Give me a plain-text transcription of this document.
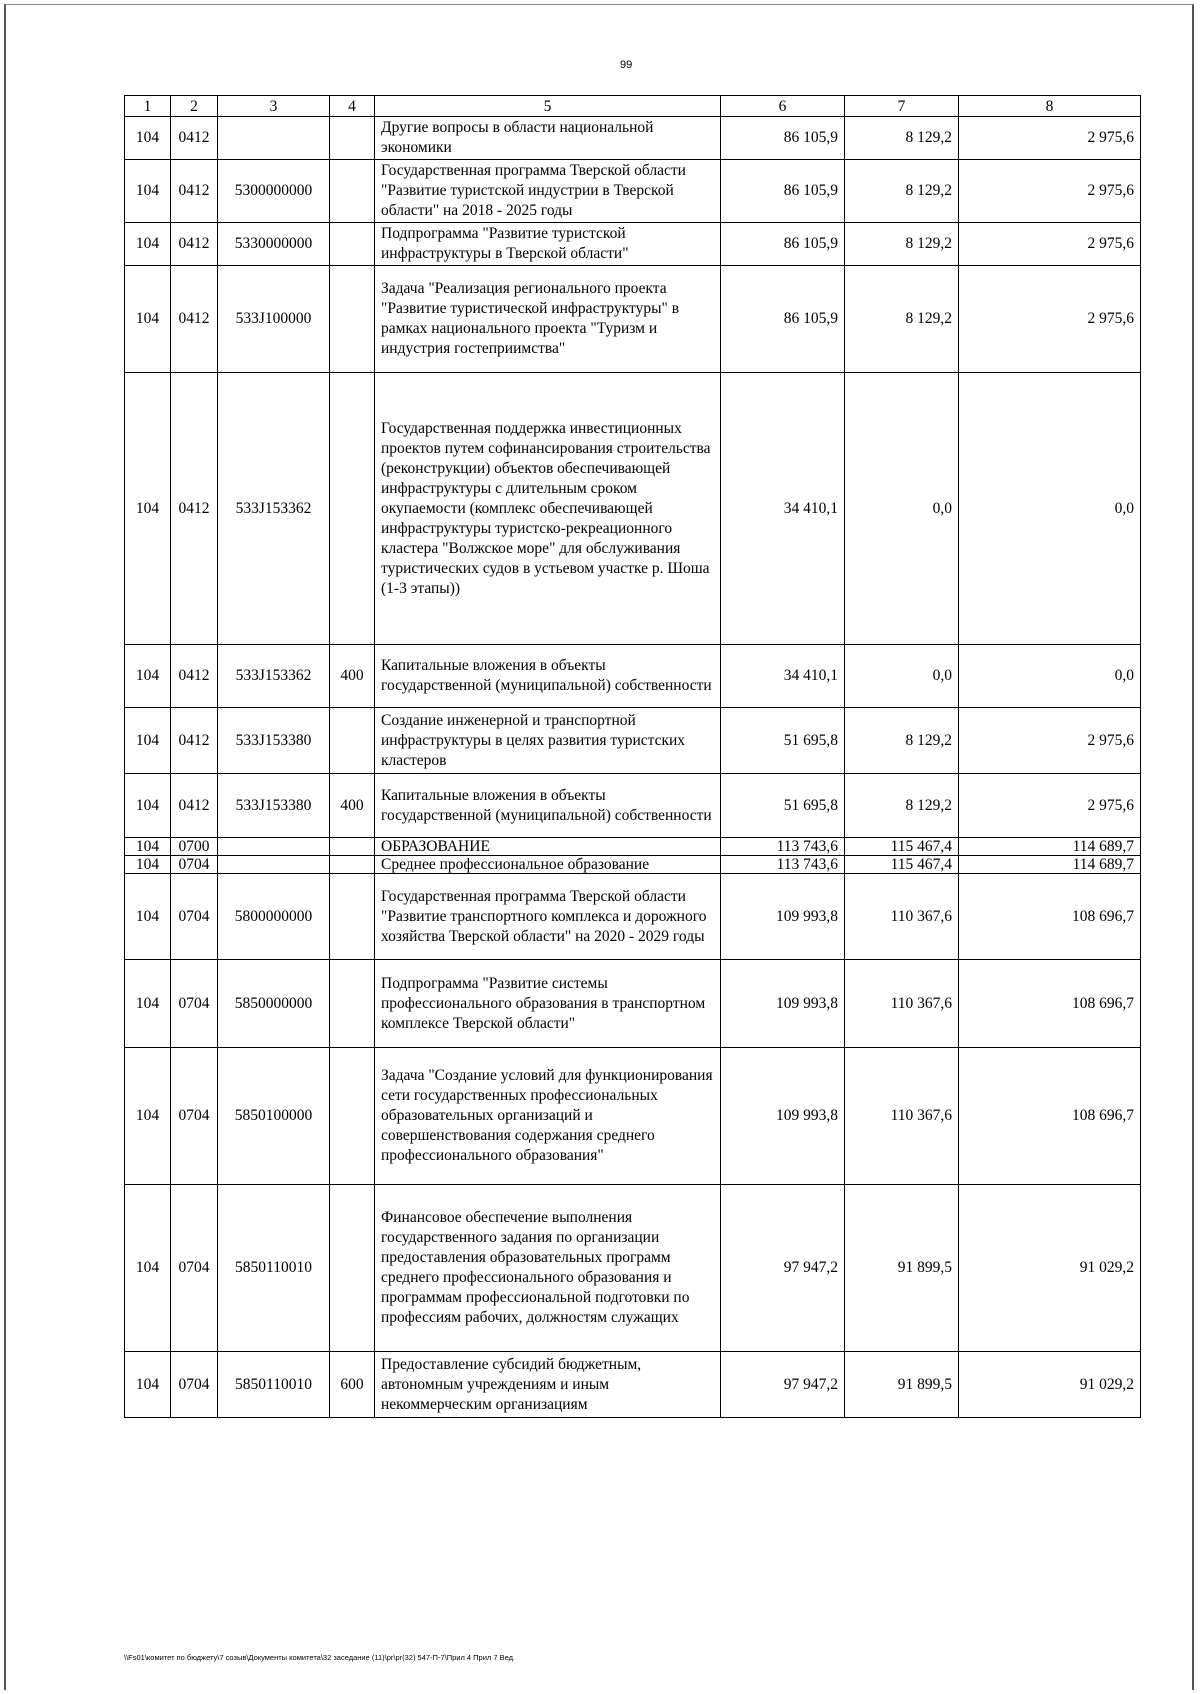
99
1	2	3	4	5	6	7	8
104	0412			Другие вопросы в области национальной экономики	86 105,9	8 129,2	2 975,6
104	0412	5300000000		Государственная программа Тверской области "Развитие туристской индустрии в Тверской области" на 2018 - 2025 годы	86 105,9	8 129,2	2 975,6
104	0412	5330000000		Подпрограмма "Развитие туристской инфраструктуры в Тверской области"	86 105,9	8 129,2	2 975,6
104	0412	533J100000		Задача "Реализация регионального проекта "Развитие туристической инфраструктуры" в рамках национального проекта "Туризм и индустрия гостеприимства"	86 105,9	8 129,2	2 975,6
104	0412	533J153362		Государственная поддержка инвестиционных проектов путем софинансирования строительства (реконструкции) объектов обеспечивающей инфраструктуры с длительным сроком окупаемости (комплекс обеспечивающей инфраструктуры туристско-рекреационного кластера "Волжское море" для обслуживания туристических судов в устьевом участке р. Шоша (1-3 этапы))	34 410,1	0,0	0,0
104	0412	533J153362	400	Капитальные вложения в объекты государственной (муниципальной) собственности	34 410,1	0,0	0,0
104	0412	533J153380		Создание инженерной и транспортной инфраструктуры в целях развития туристских кластеров	51 695,8	8 129,2	2 975,6
104	0412	533J153380	400	Капитальные вложения в объекты государственной (муниципальной) собственности	51 695,8	8 129,2	2 975,6
104	0700			ОБРАЗОВАНИЕ	113 743,6	115 467,4	114 689,7
104	0704			Среднее профессиональное образование	113 743,6	115 467,4	114 689,7
104	0704	5800000000		Государственная программа Тверской области "Развитие транспортного комплекса и дорожного хозяйства Тверской области" на 2020 - 2029 годы	109 993,8	110 367,6	108 696,7
104	0704	5850000000		Подпрограмма "Развитие системы профессионального образования в транспортном комплексе Тверской области"	109 993,8	110 367,6	108 696,7
104	0704	5850100000		Задача "Создание условий для функционирования сети государственных профессиональных образовательных организаций и совершенствования содержания среднего профессионального образования"	109 993,8	110 367,6	108 696,7
104	0704	5850110010		Финансовое обеспечение выполнения государственного задания по организации предоставления образовательных программ среднего профессионального образования и программам профессиональной подготовки по профессиям рабочих, должностям служащих	97 947,2	91 899,5	91 029,2
104	0704	5850110010	600	Предоставление субсидий бюджетным, автономным учреждениям и иным некоммерческим организациям	97 947,2	91 899,5	91 029,2
\\Fs01\комитет по бюджету\7 созыв\Документы комитета\32 заседание (11)\pr\pr(32) 547-П-7\Прил 4 Прил 7 Вед.
